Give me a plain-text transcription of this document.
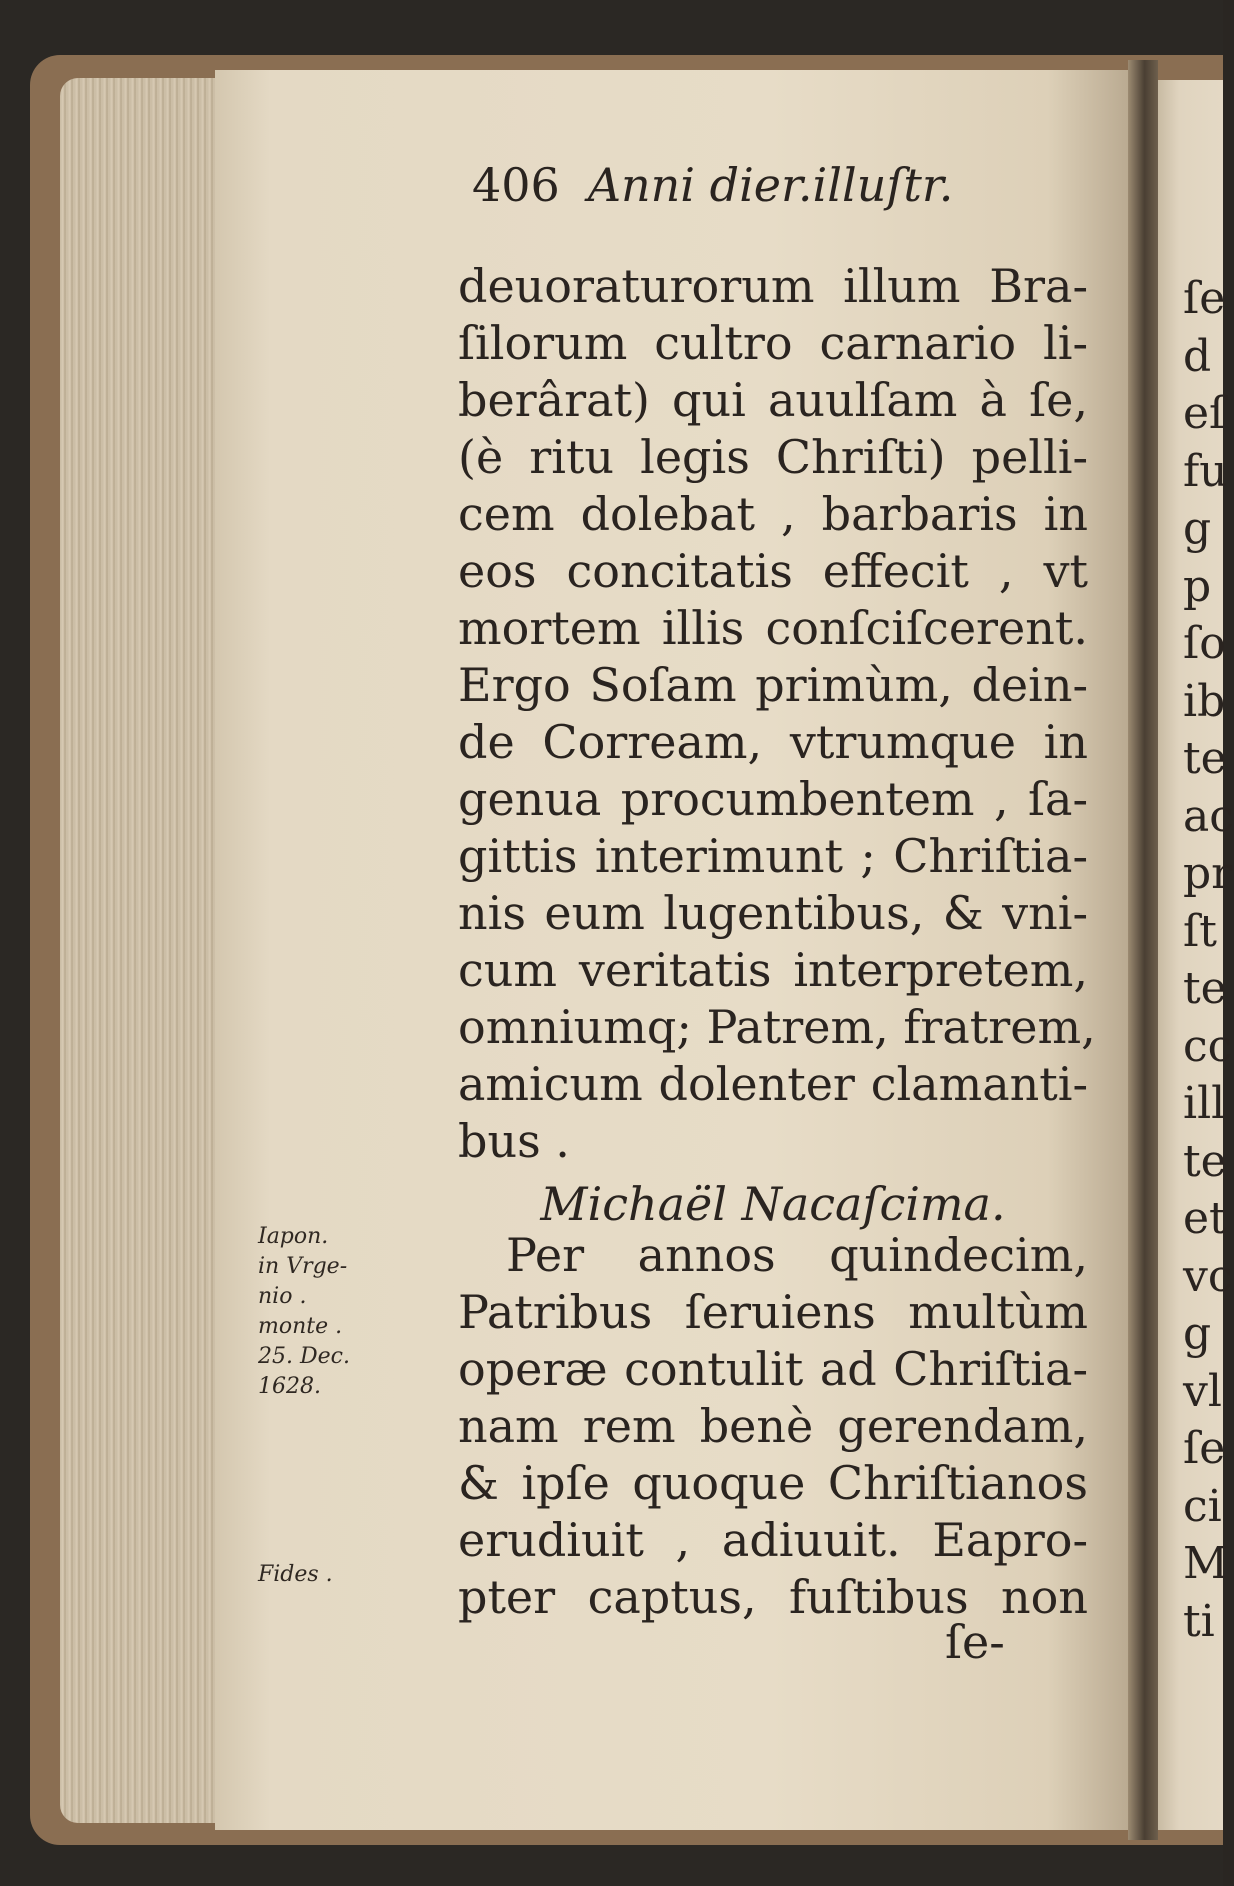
406 Anni dier.illuſtr.
deuoraturorum illum Bra-
ſilorum cultro carnario li-
berârat) qui auulſam à ſe,
(è ritu legis Chriſti) pelli-
cem dolebat , barbaris in
eos concitatis effecit , vt
mortem illis conſciſcerent.
Ergo Soſam primùm, dein-
de Corream, vtrumque in
genua procumbentem , ſa-
gittis interimunt ; Chriſtia-
nis eum lugentibus, & vni-
cum veritatis interpretem,
omniumq; Patrem, fratrem,
amicum dolenter clamanti-
bus .
Michaël Nacaſcima.
Per annos quindecim,
Patribus ſeruiens multùm
operæ contulit ad Chriſtia-
nam rem benè gerendam,
& ipſe quoque Chriſtianos
erudiuit , adiuuit. Eapro-
pter captus, fuſtibus non
ſe-
Iapon.
in Vrge-
nio .
monte .
25. Dec.
1628.
Fides .
ſe
d
eſ
fu
g
p
ſo
ib
te
ac
pr
ſt
te
cc
ill
te
et
vc
g
vl
ſe
ci
M
ti
